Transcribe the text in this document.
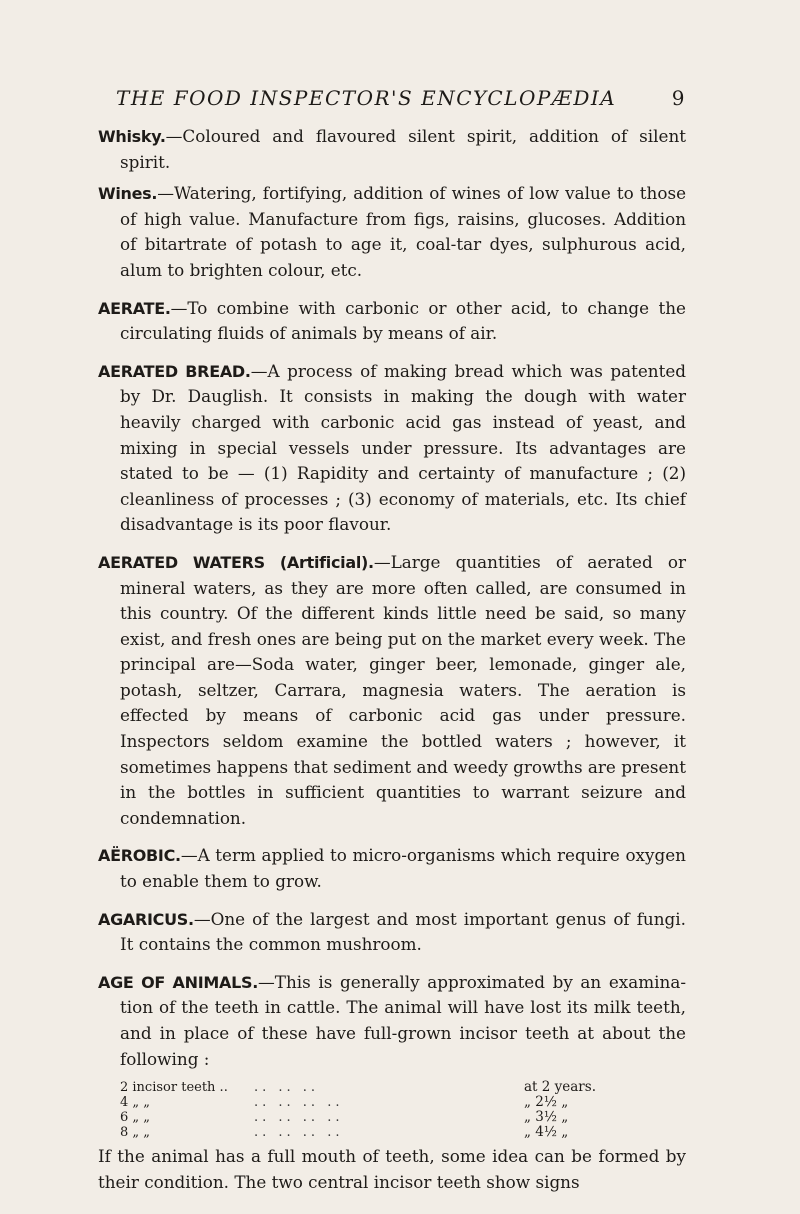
THE FOOD INSPECTOR'S ENCYCLOPÆDIA	9

Whisky.—Coloured and flavoured silent spirit, addition of silent spirit.

Wines.—Watering, fortifying, addition of wines of low value to those of high value. Manufacture from figs, raisins, glucoses. Addition of bitartrate of potash to age it, coal-tar dyes, sulphurous acid, alum to brighten colour, etc.

AERATE.—To combine with carbonic or other acid, to change the circulating fluids of animals by means of air.

AERATED BREAD.—A process of making bread which was patented by Dr. Dauglish. It consists in making the dough with water heavily charged with carbonic acid gas instead of yeast, and mixing in special vessels under pressure. Its advantages are stated to be — (1) Rapidity and certainty of manufacture ; (2) cleanliness of processes ; (3) economy of materials, etc. Its chief disadvantage is its poor flavour.

AERATED WATERS (Artificial).—Large quantities of aerated or mineral waters, as they are more often called, are consumed in this country. Of the different kinds little need be said, so many exist, and fresh ones are being put on the market every week. The principal are—Soda water, ginger beer, lemonade, ginger ale, potash, seltzer, Carrara, magnesia waters. The aeration is effected by means of carbonic acid gas under pressure. Inspectors seldom examine the bottled waters ; however, it sometimes happens that sediment and weedy growths are present in the bottles in sufficient quantities to warrant seizure and condemnation.

AËROBIC.—A term applied to micro-organisms which require oxygen to enable them to grow.

AGARICUS.—One of the largest and most important genus of fungi. It contains the common mushroom.

AGE OF ANIMALS.—This is generally approximated by an examina-tion of the teeth in cattle. The animal will have lost its milk teeth, and in place of these have full-grown incisor teeth at about the following :

2 incisor teeth ..	.. .. ..	at 2 years.
4 „ „	.. .. .. ..	„ 2½ „
6 „ „	.. .. .. ..	„ 3½ „
8 „ „	.. .. .. ..	„ 4½ „

If the animal has a full mouth of teeth, some idea can be formed by their condition. The two central incisor teeth show signs
